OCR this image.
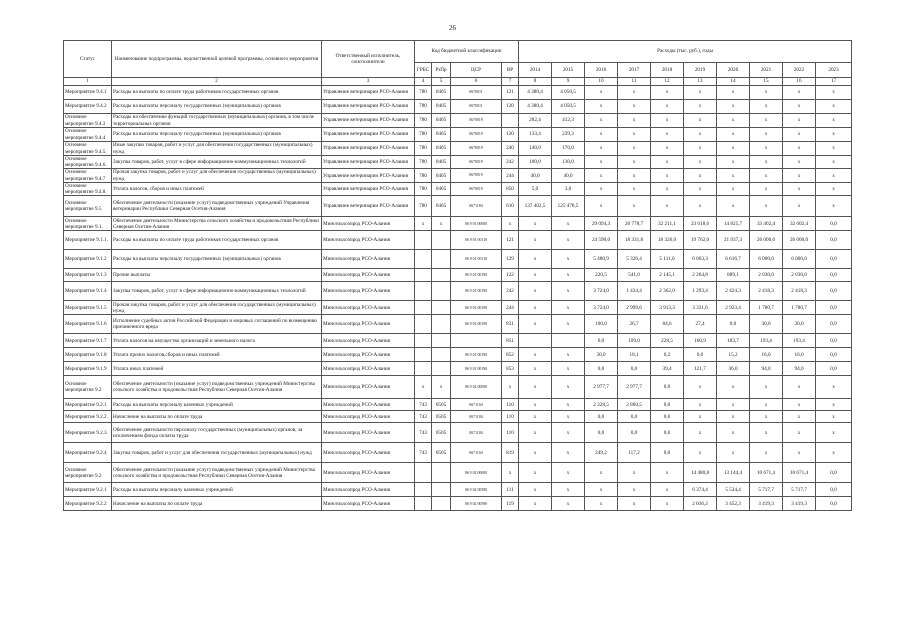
26
Статус	Наименование подпрограммы, ведомственной целевой программы, основного мероприятия	Ответственный исполнитель, соисполнители	Код бюджетной классификации				Расходы (тыс. руб.), годы									
			ГРБС	РзПр	ЦСР	ВР	2014	2015	2016	2017	2018	2019	2020	2021	2022	2023
1	2	3	4	5	6	7	8	9	10	11	12	13	14	15	16	17
Мероприятие 9.4.1	Расходы на выплаты по оплате труда работников государственных органов	Управление ветеринарии РСО-Алания	780	0405	0670011	121	4 380,4	4 050,5	x	x	x	x	x	x	x	x
Мероприятие 9.4.2	Расходы на выплаты персоналу государственных (муниципальных) органов	Управление ветеринарии РСО-Алания	780	0405	0670011	120	4 380,4	4 050,5	x	x	x	x	x	x	x	x
Основное мероприятие 9.4.3	Расходы на обеспечение функций государственных (муниципальных) органов, в том числе территориальных органов	Управление ветеринарии РСО-Алания	780	0405	0670019		282,4	412,3	x	x	x	x	x	x	x	x
Основное мероприятие 9.4.4	Расходы на выплаты персоналу государственных (муниципальных) органов	Управление ветеринарии РСО-Алания	780	0405	0670019	120	133,4	239,3	x	x	x	x	x	x	x	x
Основное мероприятие 9.4.5.	Иные закупки товаров, работ и услуг для обеспечения государственных (муниципальных) нужд	Управление ветеринарии РСО-Алания	780	0405	0670019	240	140,0	170,0	x	x	x	x	x	x	x	x
Основное мероприятие 9.4.6.	Закупка товаров, работ, услуг в сфере информационно-коммуникационных технологий	Управление ветеринарии РСО-Алания	780	0405	0670019	242	100,0	130,0	x	x	x	x	x	x	x	x
Основное мероприятие 9.4.7	Прочая закупка товаров, работ и услуг для обеспечения государственных (муниципальных) нужд	Управление ветеринарии РСО-Алания	780	0405	0670019	244	40,0	40,0	x	x	x	x	x	x	x	x
Основное мероприятие 9.4.8.	Уплата налогов, сборов и иных платежей	Управление ветеринарии РСО-Алания	780	0405	0670019	850	5,0	3,0	x	x	x	x	x	x	x	x
Основное мероприятие 9.5	Обеспечение деятельности (оказание услуг) подведомственных учреждений Управления ветеринарии Республики Северная Осетия-Алания	Управление ветеринарии РСО-Алания	780	0405	0671184	610	137 402,5	125 478,5	x	x	x	x	x	x	x	x
Основное мероприятие 9.1.	Обеспечение деятельности Министерства сельского хозяйства и продовольствия Республики Северная Осетия-Алания	Минсельхозпрод РСО-Алания	x	x	06 9 01 00000	x	x	x	29 094,3	26 778,7	32 211,1	23 018,6	14 825,7	33 402,4	32 602,4	0,0
Мероприятие 9.1.1.	Расходы на выплаты по оплате труда работников государственных органов	Минсельхозпрод РСО-Алания			06 9 01 00110	121	x	x	24 590,0	18 331,8	18 326,0	19 762,0	21 937,3	26 000,0	26 000,0	0,0
Мероприятие 9.1.2	Расходы на выплаты персоналу государственных (муниципальных) органов	Минсельхозпрод РСО-Алания			06 9 01 00110	129	x	x	5 480,9	5 326,4	5 111,0	6 063,3	6 616,7	6 000,0	6 000,0	0,0
Мероприятие 9.1.3	Прочие выплаты	Минсельхозпрод РСО-Алания			06 9 01 00190	122	x	x	220,5	541,0	2 145,1	2 264,8	889,1	2 030,0	2 030,0	0,0
Мероприятие 9.1.4	Закупка товаров, работ, услуг в сфере информационно-коммуникационных технологий	Минсельхозпрод РСО-Алания			06 9 01 00190	242	x	x	3 724,0	1 434,4	2 362,0	1 293,4	2 424,3	2 418,3	2 418,3	0,0
Мероприятие 9.1.5	Прочая закупка товаров, работ и услуг для обеспечения государственных (муниципальных) нужд	Минсельхозпрод РСО-Алания			06 9 01 00190	244	x	x	3 724,0	2 999,6	3 913,3	3 331,6	2 923,4	1 780,7	1 780,7	0,0
Мероприятие 9.1.6	Исполнение судебных актов Российской Федерации и мировых соглашений по возмещению причиненного вреда	Минсельхозпрод РСО-Алания			06 9 01 00190	831	x	x	100,0	26,7	84,6	27,4	0,0	30,0	30,0	0,0
Мероприятие 9.1.7	Уплата налогов на имущество организаций и земельного налога	Минсельхозпрод РСО-Алания				851			0,0	109,0	228,5	160,9	183,7	193,4	193,4	0,0
Мероприятие 9.1.8	Уплата прочих налогов,сборов и иных платежей	Минсельхозпрод РСО-Алания			06 9 01 00190	852	x	x	30,0	18,1	0,2	0,0	15,2	16,0	16,0	0,0
Мероприятие 9.1.9	Уплата иных платежей	Минсельхозпрод РСО-Алания			06 9 01 00190	853	x	x	0,0	0,0	39,4	121,7	36,0	94,0	94,0	0,0
Основное мероприятие 9.2	Обеспечение деятельности (оказание услуг) подведомственных учреждений Министерства сельского хозяйства и продовольствия Республики Северная Осетия-Алания	Минсельхозпрод РСО-Алания	x	x	06 9 02 00000	x	x	x	2 977,7	2 977,7	0,0	x	x	x	x	x
Мероприятие 9.2.1	Расходы на выплаты персоналу казенных учреждений	Минсельхозпрод РСО-Алания	743	0505	0671104	110	x	x	2 328,5	2 860,5	0,0	x	x	x	x	x
Мероприятие 9.2.2.	Начисление на выплаты по оплате труда	Минсельхозпрод РСО-Алания	743	0505	0671104	110	x	x	0,0	0,0	0,0	x	x	x	x	x
Мероприятие 9.2.3.	Обеспечение деятельности персоналу государственных (муниципальных) органов, за исключением фонда оплаты труда	Минсельхозпрод РСО-Алания	743	0505	0671104	110	x	x	0,0	0,0	0,0	x	x	x	x	x
Мероприятие 9.2.4	Закупка товаров, работ и услуг для обеспечения государственных (муниципальных) нужд	Минсельхозпрод РСО-Алания	743	0505	0671104	819	x	x	249,2	117,2	0,0	x	x	x	x	x
Основное мероприятие 9.2	Обеспечение деятельности (оказание услуг) подведомственных учреждений Министерства сельского хозяйства и продовольствия Республики Северная Осетия-Алания	Минсельхозпрод РСО-Алания			06 9 02 00000	x	x	x	x	x	x	14 480,8	13 144,4	10 671,4	10 671,4	0,0
Мероприятие 9.2.1	Расходы на выплаты персоналу казенных учреждений	Минсельхозпрод РСО-Алания			06 9 02 00590	111	x	x	x	x	x	6 374,4	5 534,4	5 717,7	5 717,7	0,0
Мероприятие 9.2.2	Начисление на выплаты по оплате труда	Минсельхозпрод РСО-Алания			06 9 02 00590	119	x	x	x	x	x	2 036,2	3 452,3	3 419,3	3 419,3	0,0
